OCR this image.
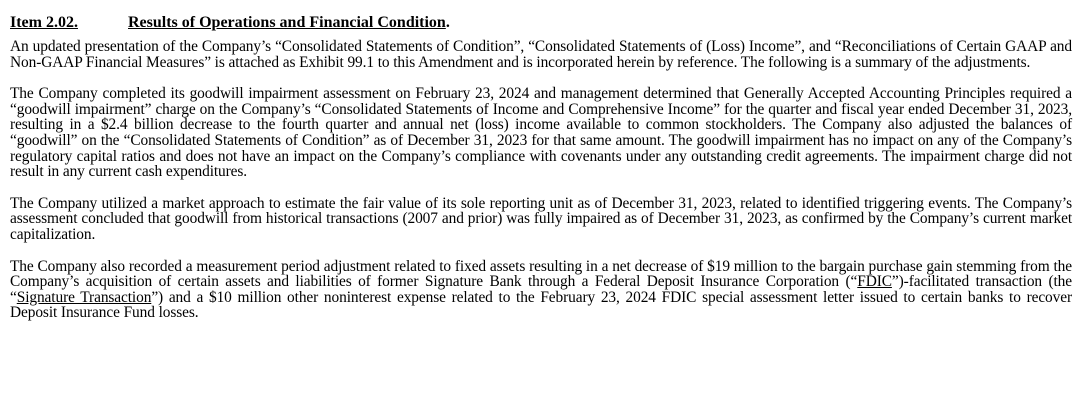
Item 2.02.	Results of Operations and Financial Condition.

An updated presentation of the Company’s “Consolidated Statements of Condition”, “Consolidated Statements of (Loss) Income”, and “Reconciliations of Certain GAAP and Non-GAAP Financial Measures” is attached as Exhibit 99.1 to this Amendment and is incorporated herein by reference. The following is a summary of the adjustments.

The Company completed its goodwill impairment assessment on February 23, 2024 and management determined that Generally Accepted Accounting Principles required a “goodwill impairment” charge on the Company’s “Consolidated Statements of Income and Comprehensive Income” for the quarter and fiscal year ended December 31, 2023, resulting in a $2.4 billion decrease to the fourth quarter and annual net (loss) income available to common stockholders. The Company also adjusted the balances of “goodwill” on the “Consolidated Statements of Condition” as of December 31, 2023 for that same amount. The goodwill impairment has no impact on any of the Company’s regulatory capital ratios and does not have an impact on the Company’s compliance with covenants under any outstanding credit agreements. The impairment charge did not result in any current cash expenditures.

The Company utilized a market approach to estimate the fair value of its sole reporting unit as of December 31, 2023, related to identified triggering events. The Company’s assessment concluded that goodwill from historical transactions (2007 and prior) was fully impaired as of December 31, 2023, as confirmed by the Company’s current market capitalization.

The Company also recorded a measurement period adjustment related to fixed assets resulting in a net decrease of $19 million to the bargain purchase gain stemming from the Company’s acquisition of certain assets and liabilities of former Signature Bank through a Federal Deposit Insurance Corporation (“FDIC”)-facilitated transaction (the “Signature Transaction”) and a $10 million other noninterest expense related to the February 23, 2024 FDIC special assessment letter issued to certain banks to recover Deposit Insurance Fund losses.
